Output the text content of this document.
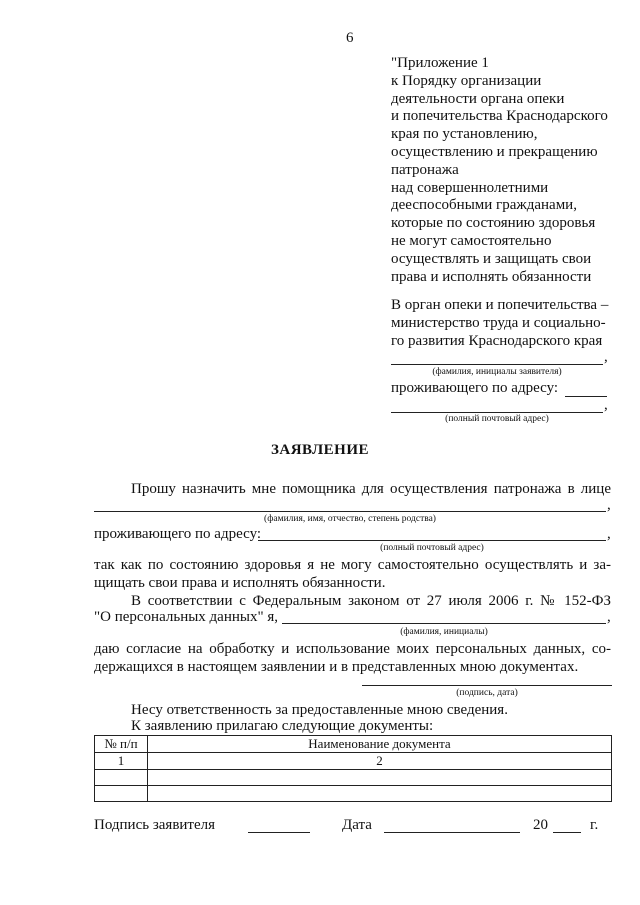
6
"Приложение 1
к Порядку организации
деятельности органа опеки
и попечительства Краснодарского
края по установлению,
осуществлению и прекращению
патронажа
над совершеннолетними
дееспособными гражданами,
которые по состоянию здоровья
не могут самостоятельно
осуществлять и защищать свои
права и исполнять обязанности
В орган опеки и попечительства –
министерство труда и социально-
го развития Краснодарского края
,
(фамилия, инициалы заявителя)
проживающего по адресу:
,
(полный почтовый адрес)
ЗАЯВЛЕНИЕ
Прошу назначить мне помощника для осуществления патронажа в лице
,
(фамилия, имя, отчество, степень родства)
проживающего по адресу:	,
(полный почтовый адрес)
так как по состоянию здоровья я не могу самостоятельно осуществлять и за-
щищать свои права и исполнять обязанности.
В соответствии с Федеральным законом от 27 июля 2006 г. № 152-ФЗ
"О персональных данных" я,	,
(фамилия, инициалы)
даю согласие на обработку и использование моих персональных данных, со-
держащихся в настоящем заявлении и в представленных мною документах.
(подпись, дата)
Несу ответственность за предоставленные мною сведения.
К заявлению прилагаю следующие документы:
№ п/п	Наименование документа
1	2

Подпись заявителя	Дата	20	г.
